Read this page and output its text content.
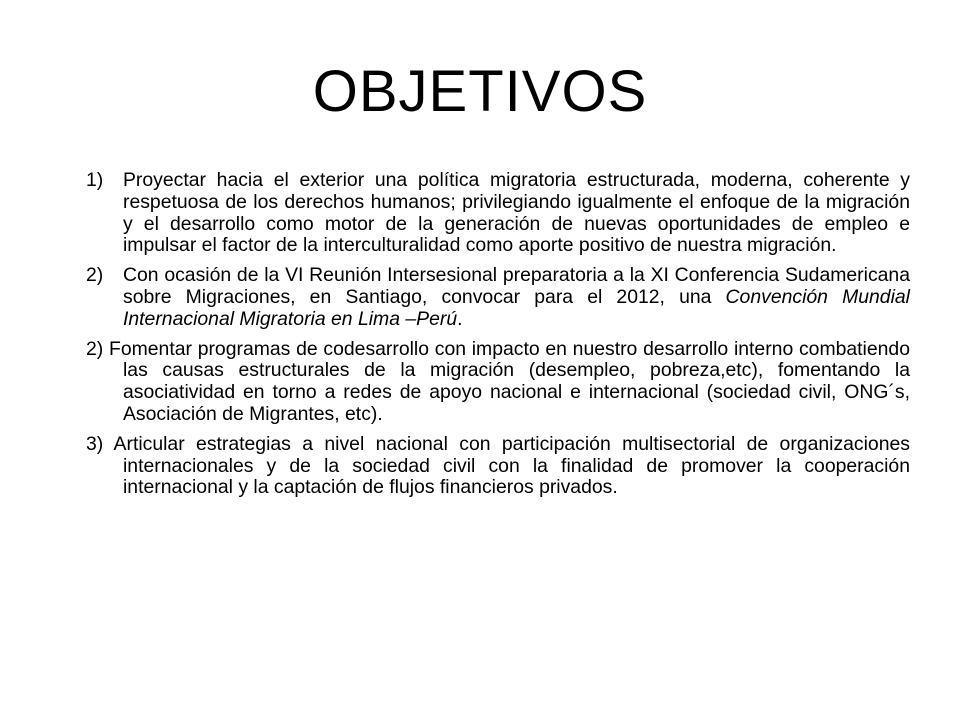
OBJETIVOS
1) Proyectar hacia el exterior una política migratoria estructurada, moderna, coherente y respetuosa de los derechos humanos; privilegiando igualmente el enfoque de la migración y el desarrollo como motor de la generación de nuevas oportunidades de empleo e impulsar el factor de la interculturalidad como aporte positivo de nuestra migración.
2) Con ocasión de la VI Reunión Intersesional preparatoria a la XI Conferencia Sudamericana sobre Migraciones, en Santiago, convocar para el 2012, una Convención Mundial Internacional Migratoria en Lima –Perú.
2) Fomentar programas de codesarrollo con impacto en nuestro desarrollo interno combatiendo las causas estructurales de la migración (desempleo, pobreza,etc), fomentando la asociatividad en torno a redes de apoyo nacional e internacional (sociedad civil, ONG´s, Asociación de Migrantes, etc).
3) Articular estrategias a nivel nacional con participación multisectorial de organizaciones internacionales y de la sociedad civil con la finalidad de promover la cooperación internacional y la captación de flujos financieros privados.
